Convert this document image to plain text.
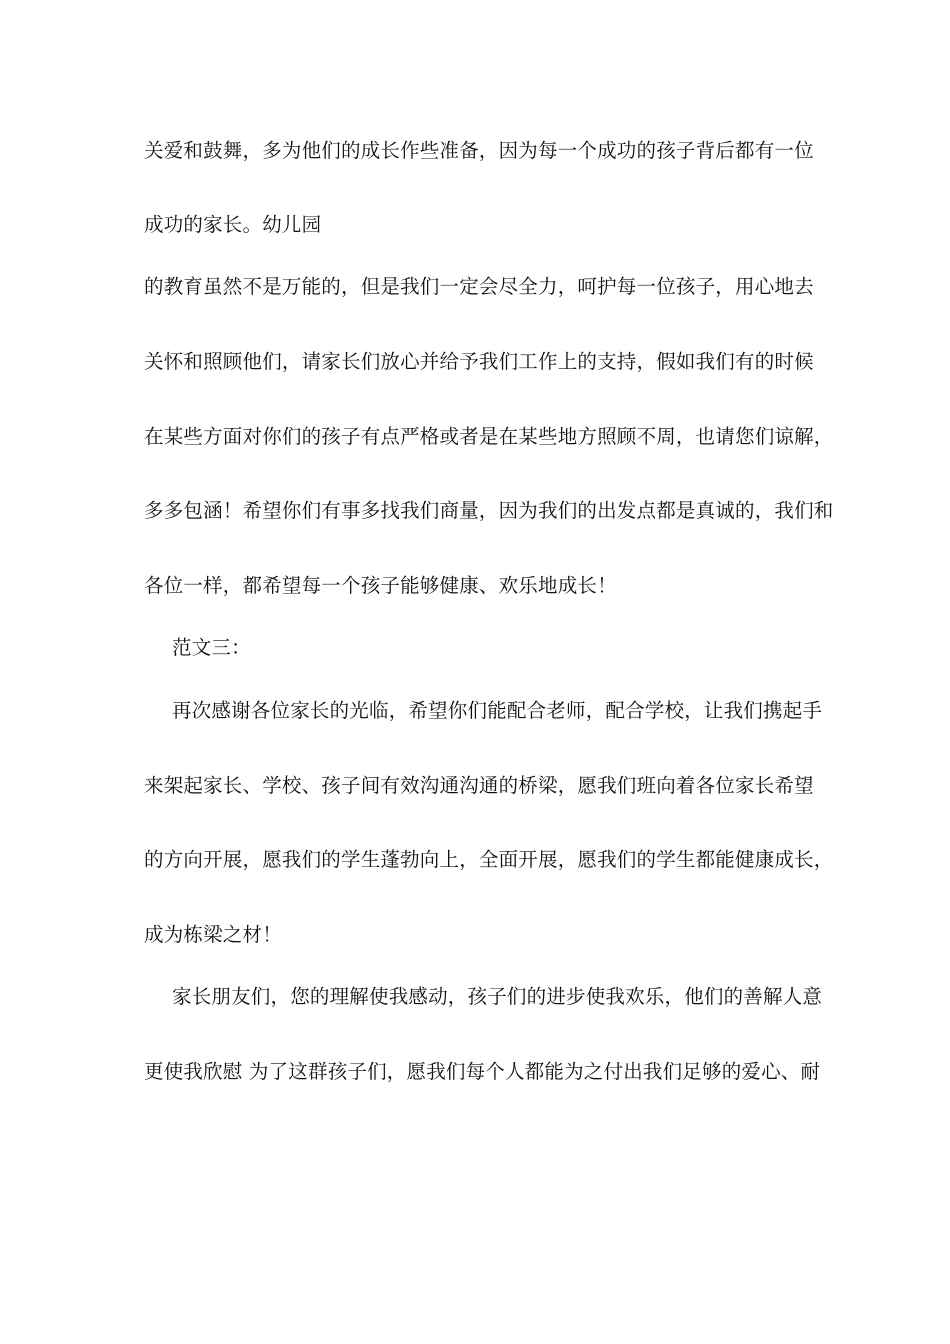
关爱和鼓舞，多为他们的成长作些准备，因为每一个成功的孩子背后都有一位
成功的家长。幼儿园
的教育虽然不是万能的，但是我们一定会尽全力，呵护每一位孩子，用心地去
关怀和照顾他们，请家长们放心并给予我们工作上的支持，假如我们有的时候
在某些方面对你们的孩子有点严格或者是在某些地方照顾不周，也请您们谅解，
多多包涵！希望你们有事多找我们商量，因为我们的出发点都是真诚的，我们和
各位一样，都希望每一个孩子能够健康、欢乐地成长！
范文三：
再次感谢各位家长的光临，希望你们能配合老师，配合学校，让我们携起手
来架起家长、学校、孩子间有效沟通沟通的桥梁，愿我们班向着各位家长希望
的方向开展，愿我们的学生蓬勃向上，全面开展，愿我们的学生都能健康成长，
成为栋梁之材！
家长朋友们，您的理解使我感动，孩子们的进步使我欢乐，他们的善解人意
更使我欣慰 为了这群孩子们，愿我们每个人都能为之付出我们足够的爱心、耐
